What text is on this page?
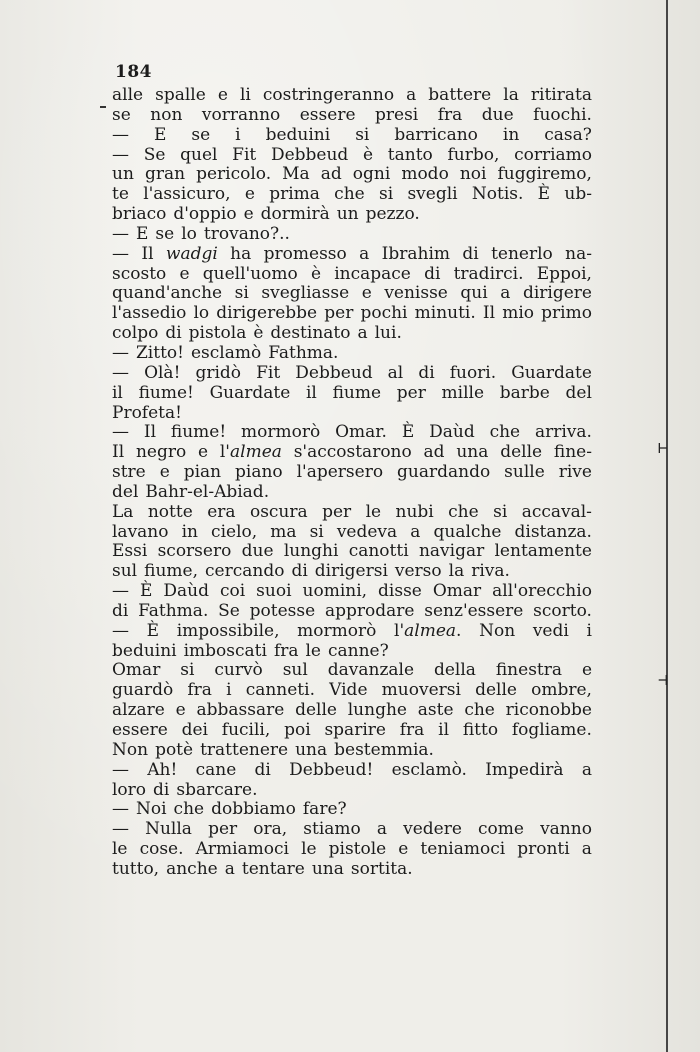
⊢
⊣
184
alle spalle e li costringeranno a battere la ritirata
se non vorranno essere presi fra due fuochi.
— E se i beduini si barricano in casa?
— Se quel Fit Debbeud è tanto furbo, corriamo
un gran pericolo. Ma ad ogni modo noi fuggiremo,
te l'assicuro, e prima che si svegli Notis. È ub-
briaco d'oppio e dormirà un pezzo.
— E se lo trovano?..
— Il wadgi ha promesso a Ibrahim di tenerlo na-
scosto e quell'uomo è incapace di tradirci. Eppoi,
quand'anche si svegliasse e venisse qui a dirigere
l'assedio lo dirigerebbe per pochi minuti. Il mio primo
colpo di pistola è destinato a lui.
— Zitto! esclamò Fathma.
— Olà! gridò Fit Debbeud al di fuori. Guardate
il fiume! Guardate il fiume per mille barbe del
Profeta!
— Il fiume! mormorò Omar. È Daùd che arriva.
Il negro e l'almea s'accostarono ad una delle fine-
stre e pian piano l'apersero guardando sulle rive
del Bahr-el-Abiad.
La notte era oscura per le nubi che si accaval-
lavano in cielo, ma si vedeva a qualche distanza.
Essi scorsero due lunghi canotti navigar lentamente
sul fiume, cercando di dirigersi verso la riva.
— È Daùd coi suoi uomini, disse Omar all'orecchio
di Fathma. Se potesse approdare senz'essere scorto.
— È impossibile, mormorò l'almea. Non vedi i
beduini imboscati fra le canne?
Omar si curvò sul davanzale della finestra e
guardò fra i canneti. Vide muoversi delle ombre,
alzare e abbassare delle lunghe aste che riconobbe
essere dei fucili, poi sparire fra il fitto fogliame.
Non potè trattenere una bestemmia.
— Ah! cane di Debbeud! esclamò. Impedirà a
loro di sbarcare.
— Noi che dobbiamo fare?
— Nulla per ora, stiamo a vedere come vanno
le cose. Armiamoci le pistole e teniamoci pronti a
tutto, anche a tentare una sortita.
